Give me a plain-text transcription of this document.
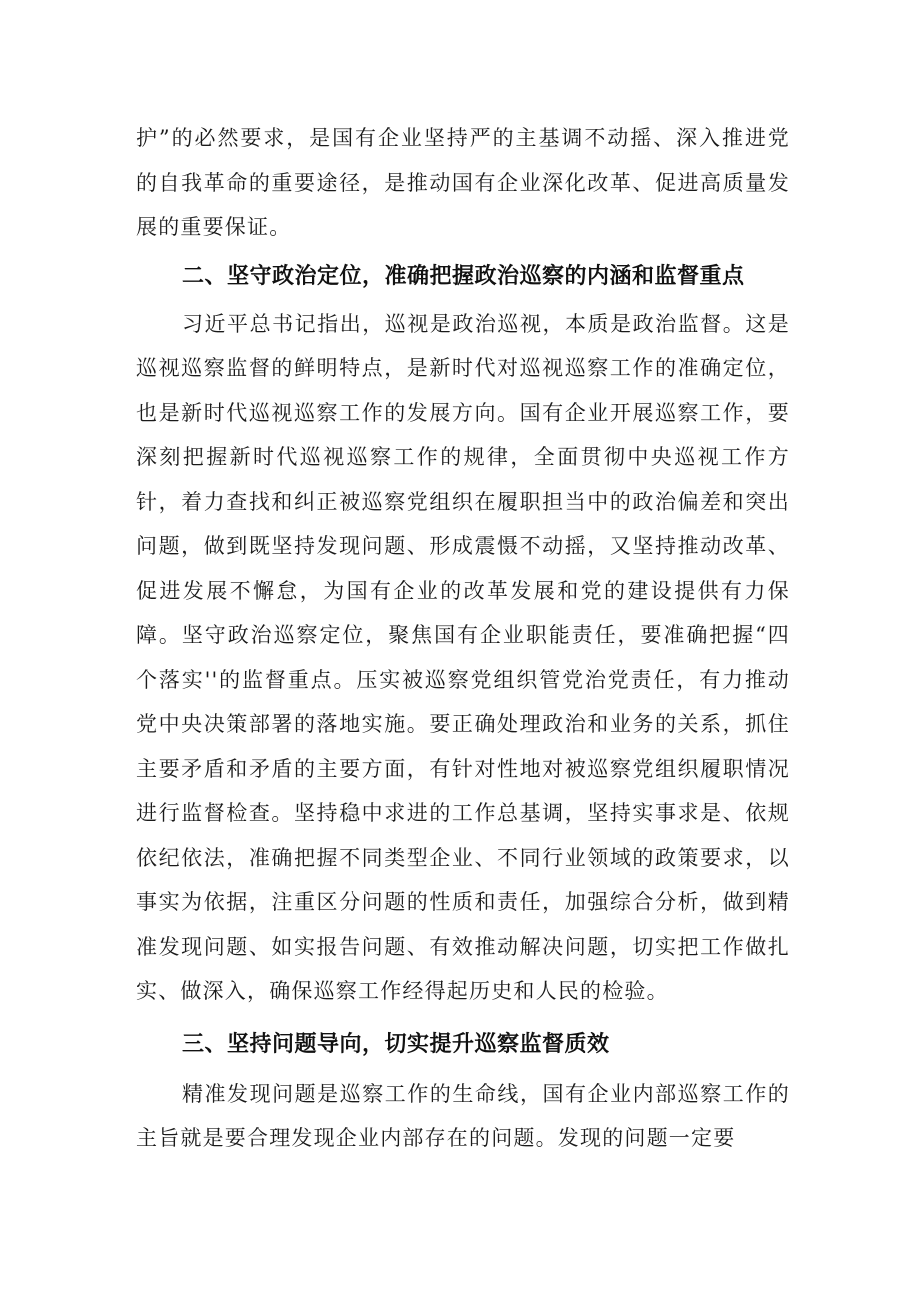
护”的必然要求，是国有企业坚持严的主基调不动摇、深入推进党的自我革命的重要途径，是推动国有企业深化改革、促进高质量发展的重要保证。

二、坚守政治定位，准确把握政治巡察的内涵和监督重点

习近平总书记指出，巡视是政治巡视，本质是政治监督。这是巡视巡察监督的鲜明特点，是新时代对巡视巡察工作的准确定位，也是新时代巡视巡察工作的发展方向。国有企业开展巡察工作，要深刻把握新时代巡视巡察工作的规律，全面贯彻中央巡视工作方针，着力查找和纠正被巡察党组织在履职担当中的政治偏差和突出问题，做到既坚持发现问题、形成震慑不动摇，又坚持推动改革、促进发展不懈怠，为国有企业的改革发展和党的建设提供有力保障。坚守政治巡察定位，聚焦国有企业职能责任，要准确把握“四个落实''的监督重点。压实被巡察党组织管党治党责任，有力推动党中央决策部署的落地实施。要正确处理政治和业务的关系，抓住主要矛盾和矛盾的主要方面，有针对性地对被巡察党组织履职情况进行监督检查。坚持稳中求进的工作总基调，坚持实事求是、依规依纪依法，准确把握不同类型企业、不同行业领域的政策要求，以事实为依据，注重区分问题的性质和责任，加强综合分析，做到精准发现问题、如实报告问题、有效推动解决问题，切实把工作做扎实、做深入，确保巡察工作经得起历史和人民的检验。

三、坚持问题导向，切实提升巡察监督质效

精准发现问题是巡察工作的生命线，国有企业内部巡察工作的主旨就是要合理发现企业内部存在的问题。发现的问题一定要
